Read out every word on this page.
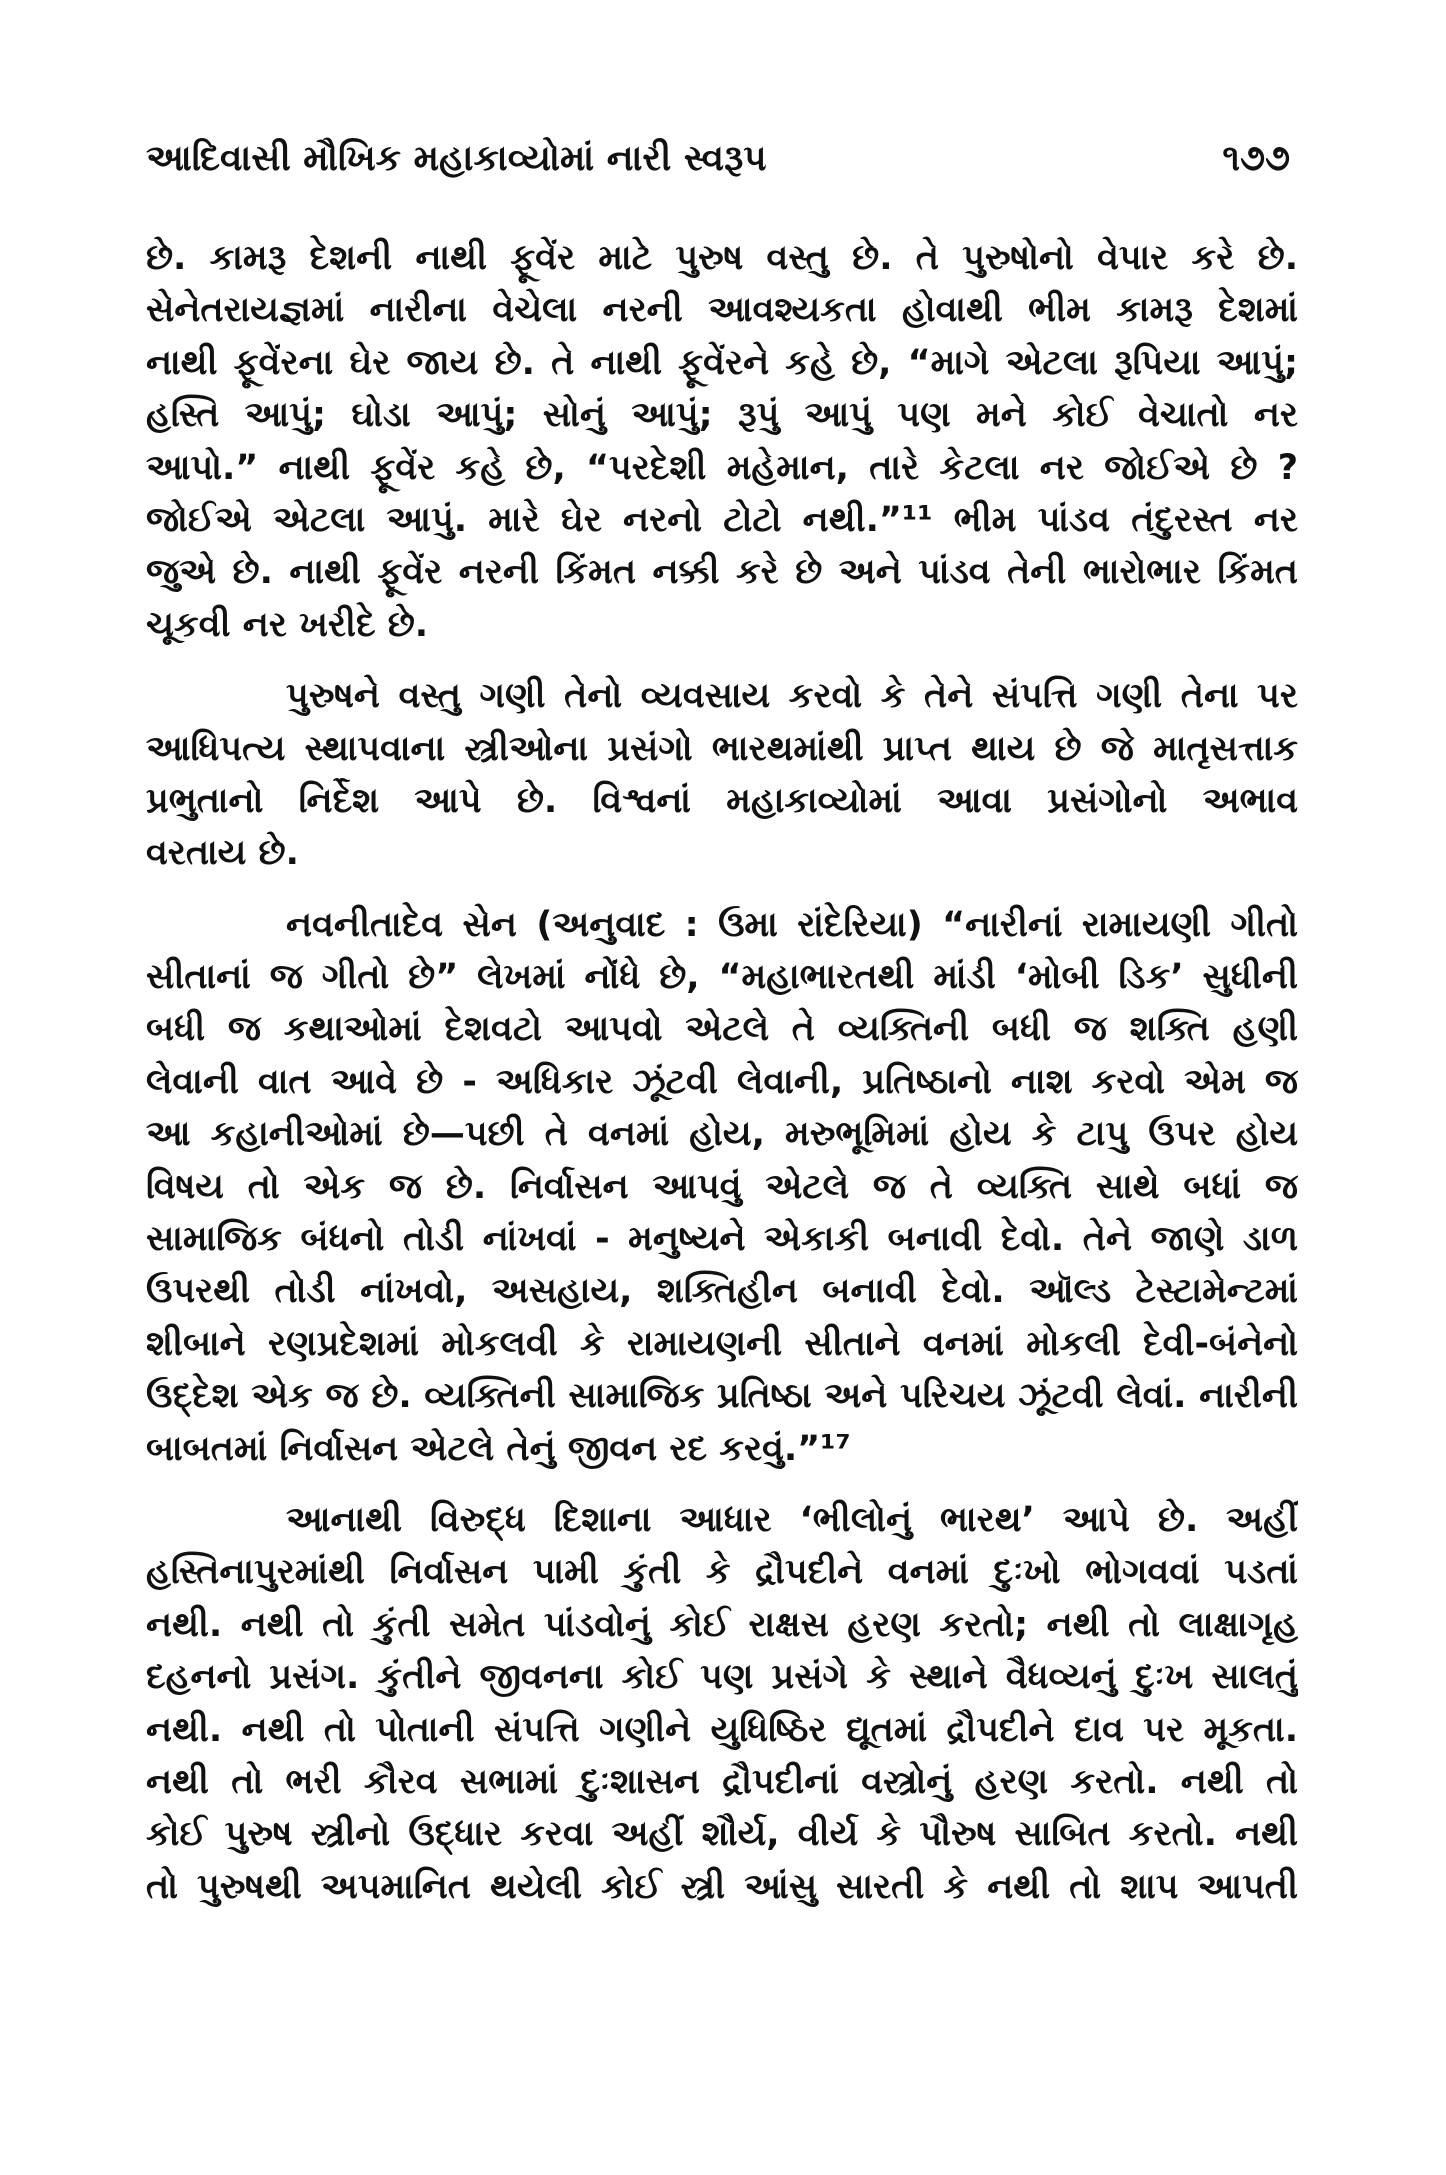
આદિવાસી મૌખિક મહાકાવ્યોમાં નારી સ્વરૂપ	૧૭૭
છે. કામરૂ દેશની નાથી ફૂવેંર માટે પુરુષ વસ્તુ છે. તે પુરુષોનો વેપાર કરે છે.
સેનેતરાયજ્ઞમાં નારીના વેચેલા નરની આવશ્યકતા હોવાથી ભીમ કામરૂ દેશમાં
નાથી ફૂવેંરના ઘેર જાય છે. તે નાથી ફૂવેંરને કહે છે, “માગે એટલા રૂપિયા આપું;
હસ્તિ આપું; ઘોડા આપું; સોનું આપું; રૂપું આપું પણ મને કોઈ વેચાતો નર
આપો.” નાથી ફૂવેંર કહે છે, “પરદેશી મહેમાન, તારે કેટલા નર જોઈએ છે ?
જોઈએ એટલા આપું. મારે ઘેર નરનો ટોટો નથી.”¹¹ ભીમ પાંડવ તંદુરસ્ત નર
જુએ છે. નાથી ફૂવેંર નરની કિંમત નક્કી કરે છે અને પાંડવ તેની ભારોભાર કિંમત
ચૂકવી નર ખરીદે છે.
પુરુષને વસ્તુ ગણી તેનો વ્યવસાય કરવો કે તેને સંપત્તિ ગણી તેના પર
આધિપત્ય સ્થાપવાના સ્ત્રીઓના પ્રસંગો ભારથમાંથી પ્રાપ્ત થાય છે જે માતૃસત્તાક
પ્રભુતાનો નિર્દેશ આપે છે. વિશ્વનાં મહાકાવ્યોમાં આવા પ્રસંગોનો અભાવ
વરતાય છે.
નવનીતાદેવ સેન (અનુવાદ : ઉમા રાંદેરિયા) “નારીનાં રામાયણી ગીતો
સીતાનાં જ ગીતો છે” લેખમાં નોંધે છે, “મહાભારતથી માંડી ‘મોબી ડિક’ સુધીની
બધી જ કથાઓમાં દેશવટો આપવો એટલે તે વ્યક્તિની બધી જ શક્તિ હણી
લેવાની વાત આવે છે - અધિકાર ઝૂંટવી લેવાની, પ્રતિષ્ઠાનો નાશ કરવો એમ જ
આ કહાનીઓમાં છે—પછી તે વનમાં હોય, મરુભૂમિમાં હોય કે ટાપુ ઉપર હોય
વિષય તો એક જ છે. નિર્વાસન આપવું એટલે જ તે વ્યક્તિ સાથે બધાં જ
સામાજિક બંધનો તોડી નાંખવાં - મનુષ્યને એકાકી બનાવી દેવો. તેને જાણે ડાળ
ઉપરથી તોડી નાંખવો, અસહાય, શક્તિહીન બનાવી દેવો. ઑલ્ડ ટેસ્ટામેન્ટમાં
શીબાને રણપ્રદેશમાં મોકલવી કે રામાયણની સીતાને વનમાં મોકલી દેવી-બંનેનો
ઉદ્દેશ એક જ છે. વ્યક્તિની સામાજિક પ્રતિષ્ઠા અને પરિચય ઝૂંટવી લેવાં. નારીની
બાબતમાં નિર્વાસન એટલે તેનું જીવન રદ કરવું.”¹⁷
આનાથી વિરુદ્ધ દિશાના આધાર ‘ભીલોનું ભારથ’ આપે છે. અહીં
હસ્તિનાપુરમાંથી નિર્વાસન પામી કુંતી કે દ્રૌપદીને વનમાં દુઃખો ભોગવવાં પડતાં
નથી. નથી તો કુંતી સમેત પાંડવોનું કોઈ રાક્ષસ હરણ કરતો; નથી તો લાક્ષાગૃહ
દહનનો પ્રસંગ. કુંતીને જીવનના કોઈ પણ પ્રસંગે કે સ્થાને વૈધવ્યનું દુઃખ સાલતું
નથી. નથી તો પોતાની સંપત્તિ ગણીને યુધિષ્ઠિર દ્યૂતમાં દ્રૌપદીને દાવ પર મૂકતા.
નથી તો ભરી કૌરવ સભામાં દુઃશાસન દ્રૌપદીનાં વસ્ત્રોનું હરણ કરતો. નથી તો
કોઈ પુરુષ સ્ત્રીનો ઉદ્ધાર કરવા અહીં શૌર્ય, વીર્ય કે પૌરુષ સાબિત કરતો. નથી
તો પુરુષથી અપમાનિત થયેલી કોઈ સ્ત્રી આંસુ સારતી કે નથી તો શાપ આપતી
